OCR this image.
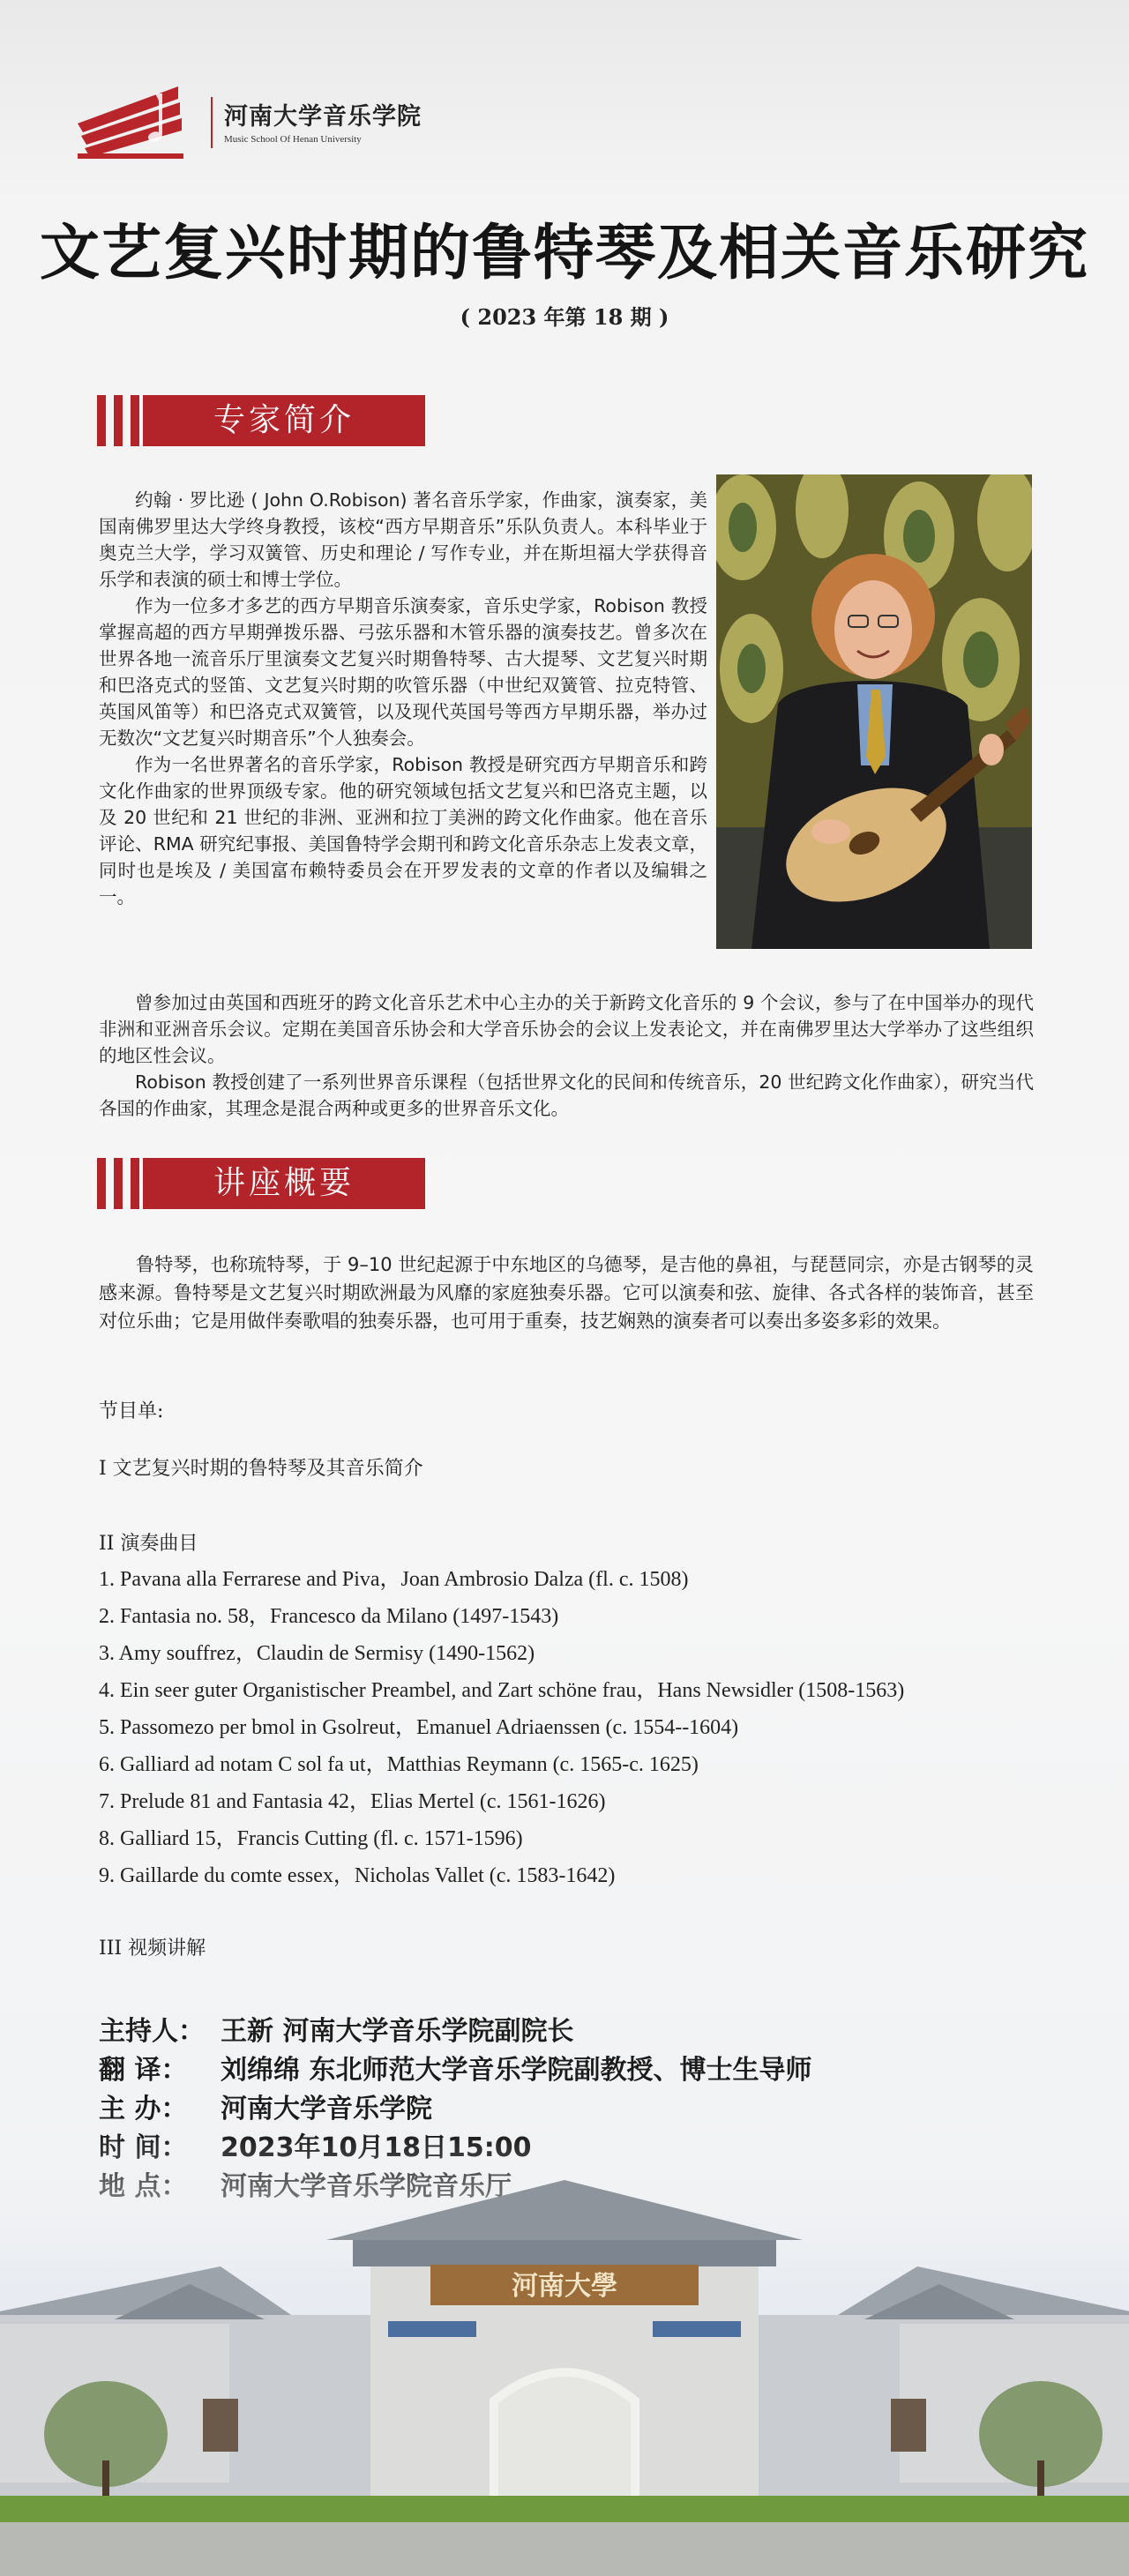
河南大学音乐学院
Music School Of Henan University
文艺复兴时期的鲁特琴及相关音乐研究
( 2023 年第 18 期 )
专家简介

约翰 · 罗比逊 ( John O.Robison) 著名音乐学家，作曲家，演奏家，美国南佛罗里达大学终身教授，该校“西方早期音乐”乐队负责人。本科毕业于奥克兰大学，学习双簧管、历史和理论 / 写作专业，并在斯坦福大学获得音乐学和表演的硕士和博士学位。

作为一位多才多艺的西方早期音乐演奏家，音乐史学家，Robison 教授掌握高超的西方早期弹拨乐器、弓弦乐器和木管乐器的演奏技艺。曾多次在世界各地一流音乐厅里演奏文艺复兴时期鲁特琴、古大提琴、文艺复兴时期和巴洛克式的竖笛、文艺复兴时期的吹管乐器（中世纪双簧管、拉克特管、英国风笛等）和巴洛克式双簧管，以及现代英国号等西方早期乐器，举办过无数次“文艺复兴时期音乐”个人独奏会。

作为一名世界著名的音乐学家，Robison 教授是研究西方早期音乐和跨文化作曲家的世界顶级专家。他的研究领域包括文艺复兴和巴洛克主题，以及 20 世纪和 21 世纪的非洲、亚洲和拉丁美洲的跨文化作曲家。他在音乐评论、RMA 研究纪事报、美国鲁特学会期刊和跨文化音乐杂志上发表文章，同时也是埃及 / 美国富布赖特委员会在开罗发表的文章的作者以及编辑之一。

曾参加过由英国和西班牙的跨文化音乐艺术中心主办的关于新跨文化音乐的 9 个会议，参与了在中国举办的现代非洲和亚洲音乐会议。定期在美国音乐协会和大学音乐协会的会议上发表论文，并在南佛罗里达大学举办了这些组织的地区性会议。

Robison 教授创建了一系列世界音乐课程（包括世界文化的民间和传统音乐，20 世纪跨文化作曲家），研究当代各国的作曲家，其理念是混合两种或更多的世界音乐文化。

讲座概要

鲁特琴，也称琉特琴，于 9–10 世纪起源于中东地区的乌德琴，是吉他的鼻祖，与琵琶同宗，亦是古钢琴的灵感来源。鲁特琴是文艺复兴时期欧洲最为风靡的家庭独奏乐器。它可以演奏和弦、旋律、各式各样的装饰音，甚至对位乐曲；它是用做伴奏歌唱的独奏乐器，也可用于重奏，技艺娴熟的演奏者可以奏出多姿多彩的效果。

节目单:
I 文艺复兴时期的鲁特琴及其音乐简介
II 演奏曲目
1. Pavana alla Ferrarese and Piva，Joan Ambrosio Dalza (fl. c. 1508)
2. Fantasia no. 58，Francesco da Milano (1497-1543)
3. Amy souffrez，Claudin de Sermisy (1490-1562)
4. Ein seer guter Organistischer Preambel, and Zart schöne frau，Hans Newsidler (1508-1563)
5. Passomezo per bmol in Gsolreut，Emanuel Adriaenssen (c. 1554--1604)
6. Galliard ad notam C sol fa ut，Matthias Reymann (c. 1565-c. 1625)
7. Prelude 81 and Fantasia 42，Elias Mertel (c. 1561-1626)
8. Galliard 15，Francis Cutting (fl. c. 1571-1596)
9. Gaillarde du comte essex，Nicholas Vallet (c. 1583-1642)
III 视频讲解
主持人： 王新 河南大学音乐学院副院长
翻 译： 刘绵绵 东北师范大学音乐学院副教授、博士生导师
主 办： 河南大学音乐学院
河南大學
